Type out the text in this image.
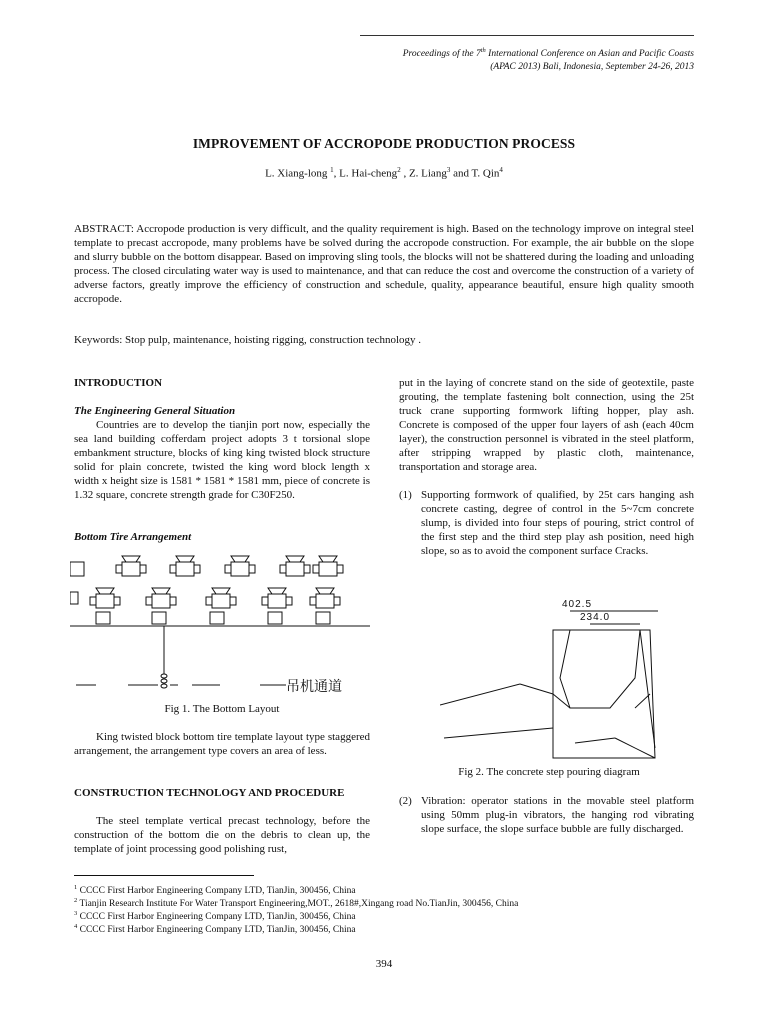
Proceedings of the 7th International Conference on Asian and Pacific Coasts
(APAC 2013) Bali, Indonesia, September 24-26, 2013
IMPROVEMENT OF ACCROPODE PRODUCTION PROCESS
L. Xiang-long $^1$, L. Hai-cheng$^2$ , Z. Liang$^3$ and T. Qin$^4$
ABSTRACT: Accropode production is very difficult, and the quality requirement is high. Based on the technology improve on integral steel template to precast accropode, many problems have be solved during the accropode construction. For example, the air bubble on the slope and slurry bubble on the bottom disappear. Based on improving sling tools, the blocks will not be shattered during the loading and unloading process. The closed circulating water way is used to maintenance, and that can reduce the cost and overcome the construction of a variety of adverse factors, greatly improve the efficiency of construction and schedule, quality, appearance beautiful, ensure high quality smooth accropode.
Keywords: Stop pulp, maintenance, hoisting rigging, construction technology .
INTRODUCTION
The Engineering General Situation
Countries are to develop the tianjin port now, especially the sea land building cofferdam project adopts 3 t torsional slope embankment structure, blocks of king king twisted block structure solid for plain concrete, twisted the king word block length x width x height size is 1581 * 1581 * 1581 mm, piece of concrete is 1.32 square, concrete strength grade for C30F250.
Bottom Tire Arrangement
吊机通道
Fig 1. The Bottom Layout
King twisted block bottom tire template layout type staggered arrangement, the arrangement type covers an area of less.
CONSTRUCTION TECHNOLOGY AND PROCEDURE
The steel template vertical precast technology, before the construction of the bottom die on the debris to clean up, the template of joint processing good polishing rust,
put in the laying of concrete stand on the side of geotextile, paste grouting, the template fastening bolt connection, using the 25t truck crane supporting formwork lifting hopper, play ash. Concrete is composed of the upper four layers of ash (each 40cm layer), the construction personnel is vibrated in the steel platform, after stripping wrapped by plastic cloth, maintenance, transportation and storage area.
(1) Supporting formwork of qualified, by 25t cars hanging ash concrete casting, degree of control in the 5~7cm concrete slump, is divided into four steps of pouring, strict control of the first step and the third step play ash position, need high slope, so as to avoid the component surface Cracks.
402.5
234.0
Fig 2. The concrete step pouring diagram
(2) Vibration: operator stations in the movable steel platform using 50mm plug-in vibrators, the hanging rod vibrating slope surface, the slope surface bubble are fully discharged.
$^1$ CCCC First Harbor Engineering Company LTD, TianJin, 300456, China
$^2$ Tianjin Research Institute For Water Transport Engineering,MOT., 2618#,Xingang road No.TianJin, 300456, China
$^3$ CCCC First Harbor Engineering Company LTD, TianJin, 300456, China
$^4$ CCCC First Harbor Engineering Company LTD, TianJin, 300456, China
394
